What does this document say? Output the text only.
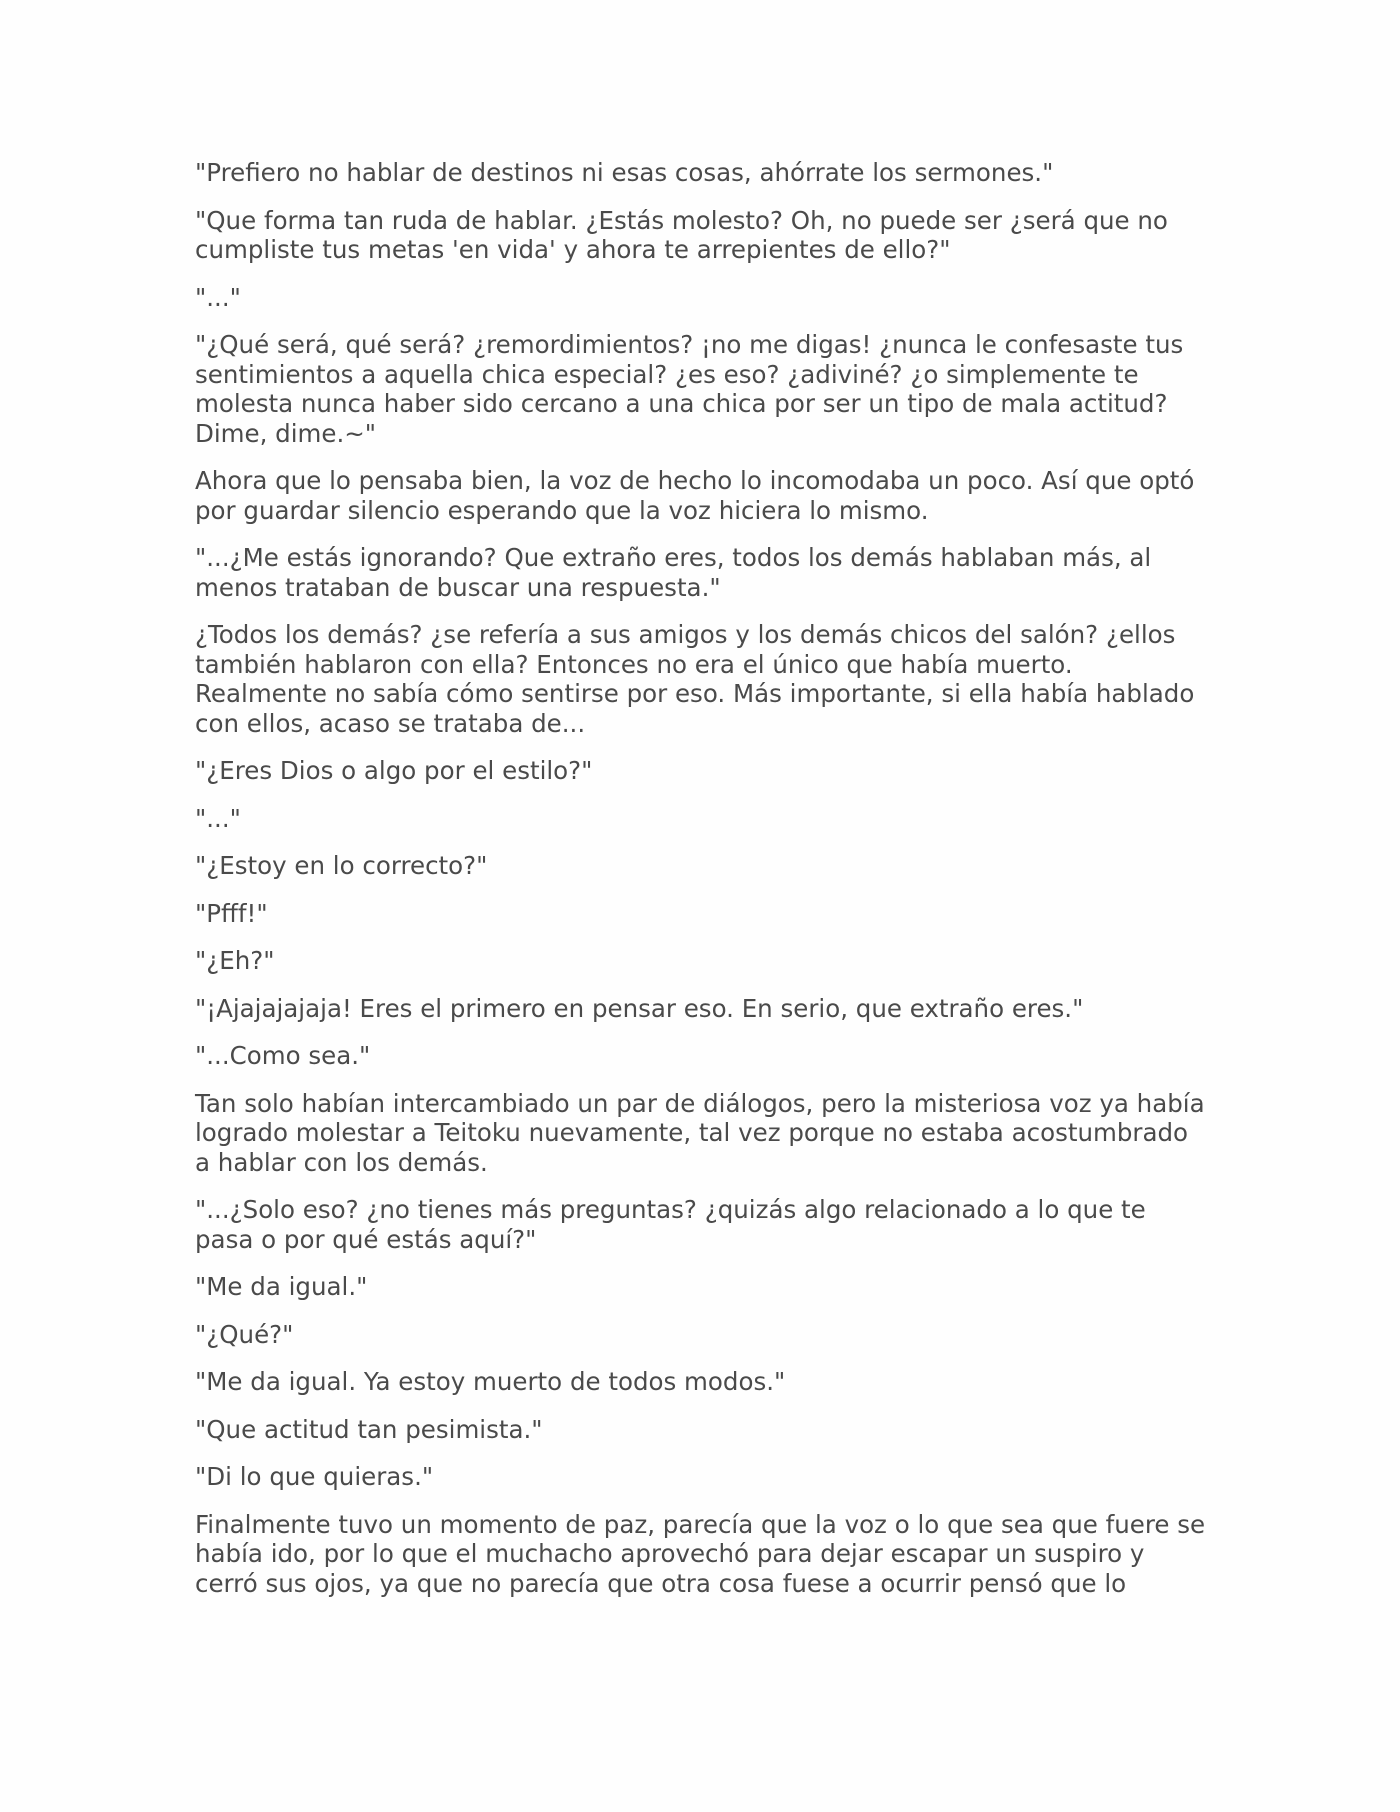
"Prefiero no hablar de destinos ni esas cosas, ahórrate los sermones."

"Que forma tan ruda de hablar. ¿Estás molesto? Oh, no puede ser ¿será que no cumpliste tus metas 'en vida' y ahora te arrepientes de ello?"

"..."

"¿Qué será, qué será? ¿remordimientos? ¡no me digas! ¿nunca le confesaste tus sentimientos a aquella chica especial? ¿es eso? ¿adiviné? ¿o simplemente te molesta nunca haber sido cercano a una chica por ser un tipo de mala actitud? Dime, dime.~"

Ahora que lo pensaba bien, la voz de hecho lo incomodaba un poco. Así que optó por guardar silencio esperando que la voz hiciera lo mismo.

"...¿Me estás ignorando? Que extraño eres, todos los demás hablaban más, al menos trataban de buscar una respuesta."

¿Todos los demás? ¿se refería a sus amigos y los demás chicos del salón? ¿ellos también hablaron con ella? Entonces no era el único que había muerto. Realmente no sabía cómo sentirse por eso. Más importante, si ella había hablado con ellos, acaso se trataba de...

"¿Eres Dios o algo por el estilo?"

"..."

"¿Estoy en lo correcto?"

"Pfff!"

"¿Eh?"

"¡Ajajajajaja! Eres el primero en pensar eso. En serio, que extraño eres."

"...Como sea."

Tan solo habían intercambiado un par de diálogos, pero la misteriosa voz ya había logrado molestar a Teitoku nuevamente, tal vez porque no estaba acostumbrado a hablar con los demás.

"...¿Solo eso? ¿no tienes más preguntas? ¿quizás algo relacionado a lo que te pasa o por qué estás aquí?"

"Me da igual."

"¿Qué?"

"Me da igual. Ya estoy muerto de todos modos."

"Que actitud tan pesimista."

"Di lo que quieras."

Finalmente tuvo un momento de paz, parecía que la voz o lo que sea que fuere se había ido, por lo que el muchacho aprovechó para dejar escapar un suspiro y cerró sus ojos, ya que no parecía que otra cosa fuese a ocurrir pensó que lo
